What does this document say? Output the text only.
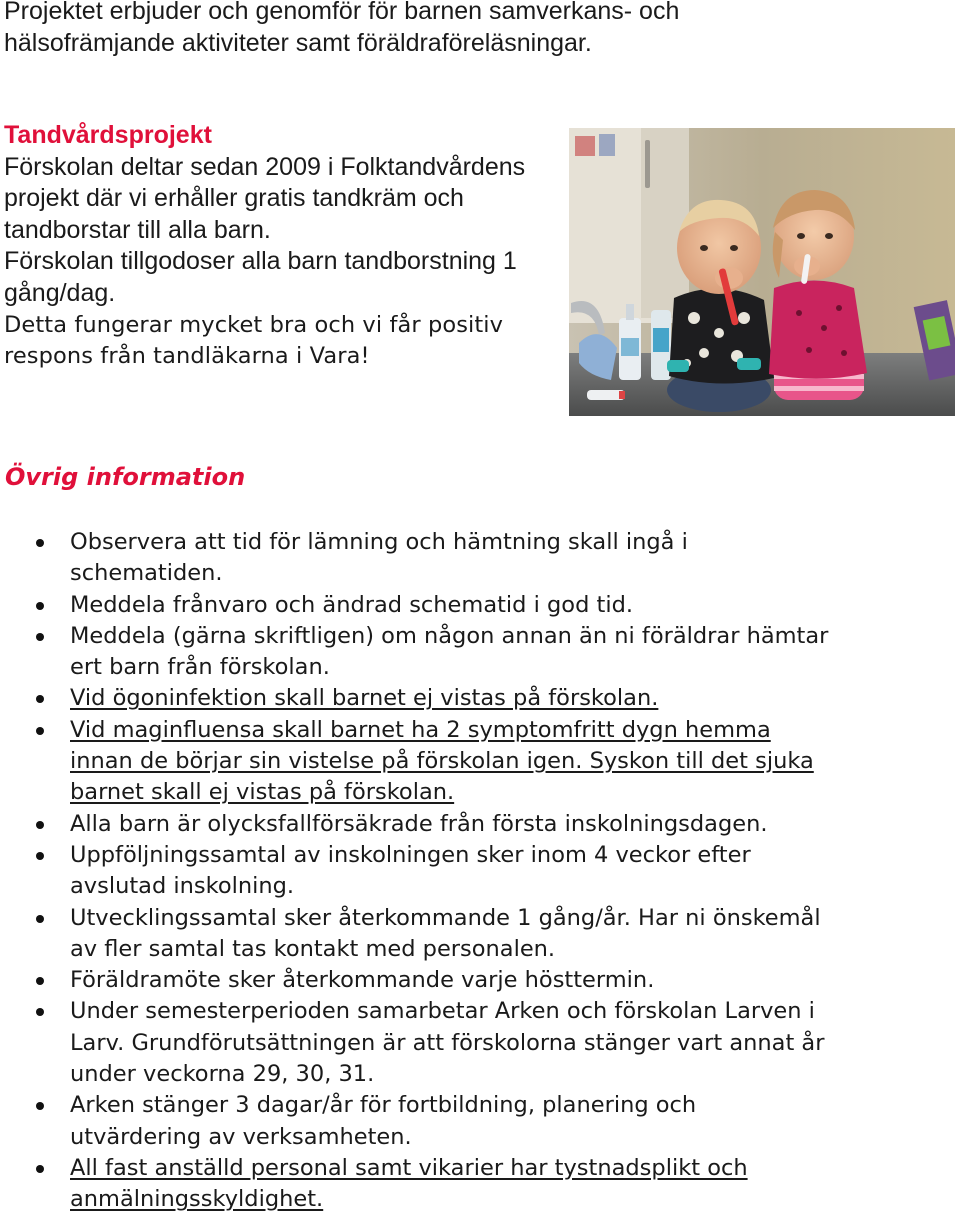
Projektet erbjuder och genomför för barnen samverkans- och
hälsofrämjande aktiviteter samt föräldraföreläsningar.

Tandvårdsprojekt
Förskolan deltar sedan 2009 i Folktandvårdens
projekt där vi erhåller gratis tandkräm och
tandborstar till alla barn.
Förskolan tillgodoser alla barn tandborstning 1
gång/dag.
Detta fungerar mycket bra och vi får positiv
respons från tandläkarna i Vara!
Övrig information
Observera att tid för lämning och hämtning skall ingå i
schematiden.
Meddela frånvaro och ändrad schematid i god tid.
Meddela (gärna skriftligen) om någon annan än ni föräldrar hämtar
ert barn från förskolan.
Vid ögoninfektion skall barnet ej vistas på förskolan.
Vid maginfluensa skall barnet ha 2 symptomfritt dygn hemma
innan de börjar sin vistelse på förskolan igen. Syskon till det sjuka
barnet skall ej vistas på förskolan.
Alla barn är olycksfallförsäkrade från första inskolningsdagen.
Uppföljningssamtal av inskolningen sker inom 4 veckor efter
avslutad inskolning.
Utvecklingssamtal sker återkommande 1 gång/år. Har ni önskemål
av fler samtal tas kontakt med personalen.
Föräldramöte sker återkommande varje hösttermin.
Under semesterperioden samarbetar Arken och förskolan Larven i
Larv. Grundförutsättningen är att förskolorna stänger vart annat år
under veckorna 29, 30, 31.
Arken stänger 3 dagar/år för fortbildning, planering och
utvärdering av verksamheten.
All fast anställd personal samt vikarier har tystnadsplikt och
anmälningsskyldighet.
